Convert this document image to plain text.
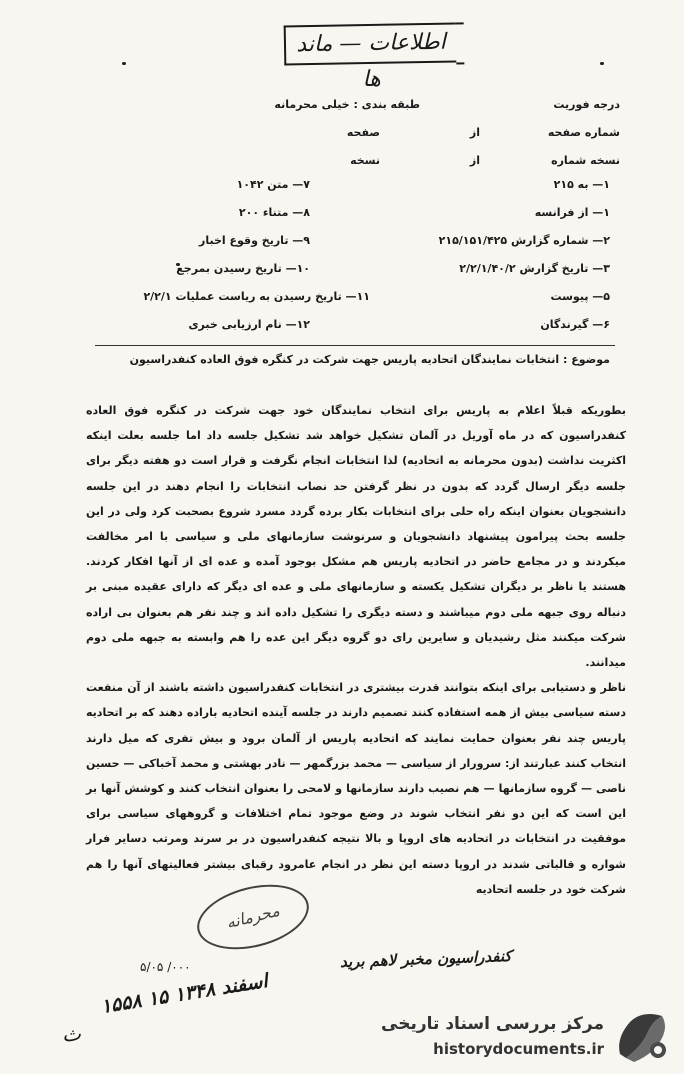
اطلاعات — ماند ها
درجه فوریت
طبقه بندی : خیلی محرمانه
شماره صفحه
از
صفحه
نسخه شماره
از
نسخه
۱— به ۲۱۵
۷— متن ۱۰۴۲
۱— از فرانسه
۸— متناء ۲۰۰
۲— شماره گزارش ۲۱۵/۱۵۱/۴۲۵
۹— تاریخ وقوع اخبار
۳— تاریخ گزارش ۲/۲/۱/۴۰/۲
۱۰— تاریخ رسیدن بمرجع
۵— پیوست
۱۱— تاریخ رسیدن به ریاست عملیات ۲/۲/۱
۶— گیرندگان
۱۲— نام ارزیابی خبری
موضوع : انتخابات نمایندگان اتحادیه پاریس جهت شرکت در کنگره فوق العاده کنفدراسیون

بطوریکه قبلاً اعلام به پاریس برای انتخاب نمایندگان خود جهت شرکت در کنگره فوق العاده کنفدراسیون که در ماه آوریل در آلمان تشکیل خواهد شد تشکیل جلسه داد اما جلسه بعلت اینکه اکثریت نداشت (بدون محرمانه به اتحادیه) لذا انتخابات انجام نگرفت و قرار است دو هفته دیگر برای جلسه دیگر ارسال گردد که بدون در نظر گرفتن حد نصاب انتخابات را انجام دهند در این جلسه دانشجویان بعنوان اینکه راه حلی برای انتخابات بکار برده گردد مسرد شروع بصحبت کرد ولی در این جلسه بحث پیرامون پیشنهاد دانشجویان و سرنوشت سازمانهای ملی و سیاسی با امر مخالفت میکردند و در مجامع حاضر در اتحادیه پاریس هم مشکل بوجود آمده و عده ای از آنها افکار کردند. هستند یا ناظر بر دیگران تشکیل یکسته و سازمانهای ملی و عده ای دیگر که دارای عقیده مبنی بر دنباله روی جبهه ملی دوم میباشند و دسته دیگری را تشکیل داده اند و چند نفر هم بعنوان بی اراده شرکت میکنند مثل رشیدیان و سایرین رای دو گروه دیگر این عده را هم وابسته به جبهه ملی دوم میدانند.

ناظر و دستیابی برای اینکه بتوانند قدرت بیشتری در انتخابات کنفدراسیون داشته باشند از آن منفعت دسته سیاسی بیش از همه استفاده کنند تصمیم دارند در جلسه آینده اتحادیه باراده دهند که بر اتحادیه پاریس چند نفر بعنوان حمایت نمایند که اتحادیه پاریس از آلمان برود و بیش تفری که میل دارند انتخاب کنند عبارتند از: سرورار از سیاسی — محمد بزرگمهر — نادر بهشتی و محمد آخباکی — حسین ناصی — گروه سازمانها — هم نصیب دارند سازمانها و لامحی را بعنوان انتخاب کنند و کوشش آنها بر این است که این دو نفر انتخاب شوند در وضع موجود تمام اختلافات و گروههای سیاسی برای موفقیت در انتخابات در اتحادیه های اروپا و بالا نتیجه کنفدراسیون در بر سرند ومرتب دسایر فرار شواره و قالباتی شدند در اروپا دسته این نظر در انجام عامرود رقبای بیشتر فعالیتهای آنها را هم شرکت خود در جلسه اتحادیه

محرمانه
کنفدراسیون مخبر لاهم برید
۰۰۰/ ۵/۰۵
۱۵۵۸ ۱۵ اسفند ۱۳۴۸
ث	مرکز بررسی اسناد تاریخی
historydocuments.ir
